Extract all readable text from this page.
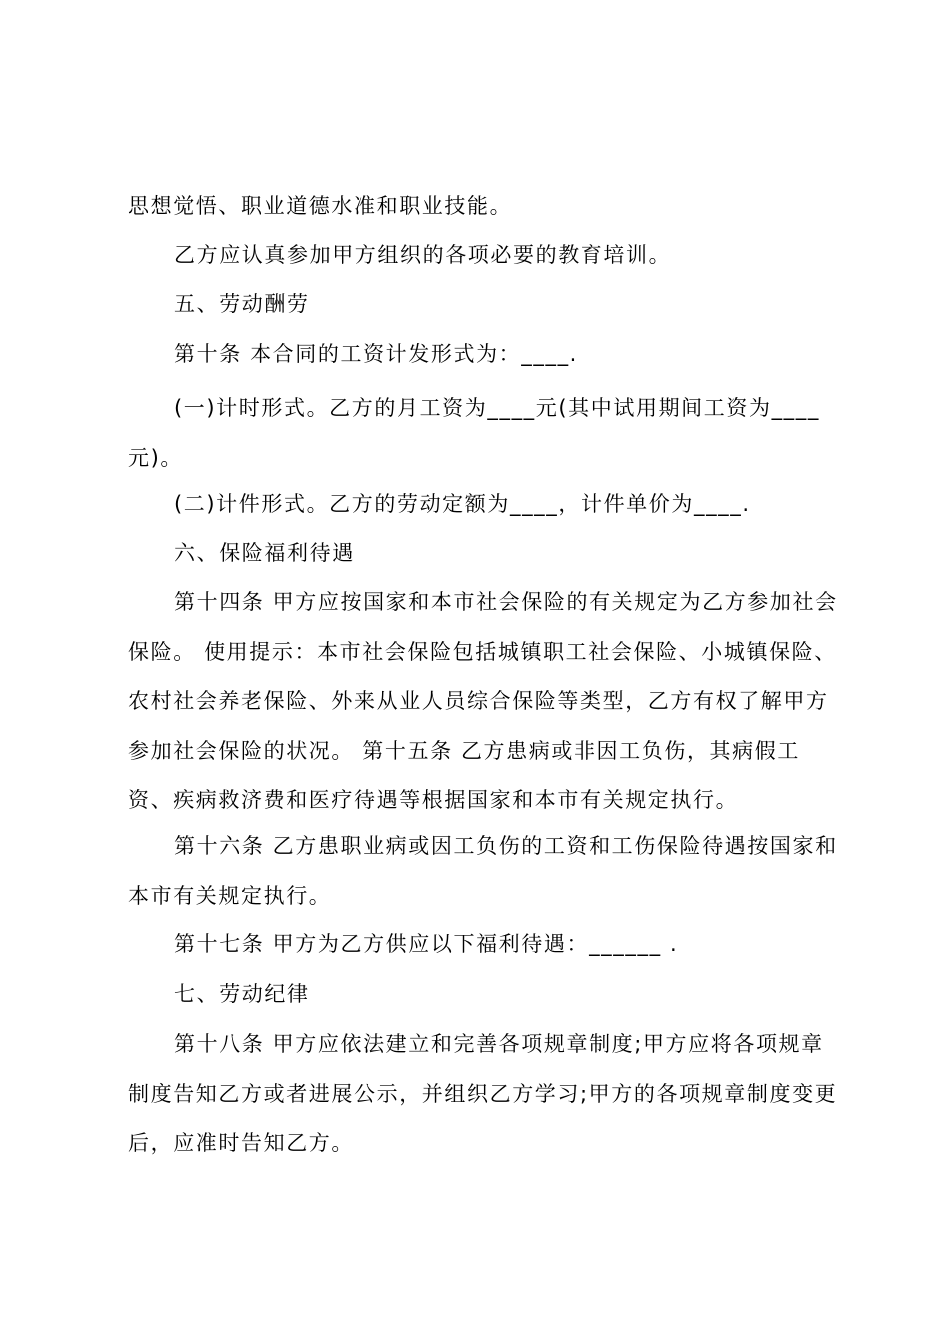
思想觉悟、职业道德水准和职业技能。

乙方应认真参加甲方组织的各项必要的教育培训。

五、劳动酬劳

第十条 本合同的工资计发形式为：____.

(一)计时形式。乙方的月工资为____元(其中试用期间工资为____元)。

(二)计件形式。乙方的劳动定额为____，计件单价为____.

六、保险福利待遇

第十四条 甲方应按国家和本市社会保险的有关规定为乙方参加社会保险。 使用提示：本市社会保险包括城镇职工社会保险、小城镇保险、农村社会养老保险、外来从业人员综合保险等类型，乙方有权了解甲方参加社会保险的状况。 第十五条 乙方患病或非因工负伤，其病假工资、疾病救济费和医疗待遇等根据国家和本市有关规定执行。

第十六条 乙方患职业病或因工负伤的工资和工伤保险待遇按国家和本市有关规定执行。

第十七条 甲方为乙方供应以下福利待遇：______ .

七、劳动纪律

第十八条 甲方应依法建立和完善各项规章制度;甲方应将各项规章制度告知乙方或者进展公示，并组织乙方学习;甲方的各项规章制度变更后，应准时告知乙方。
